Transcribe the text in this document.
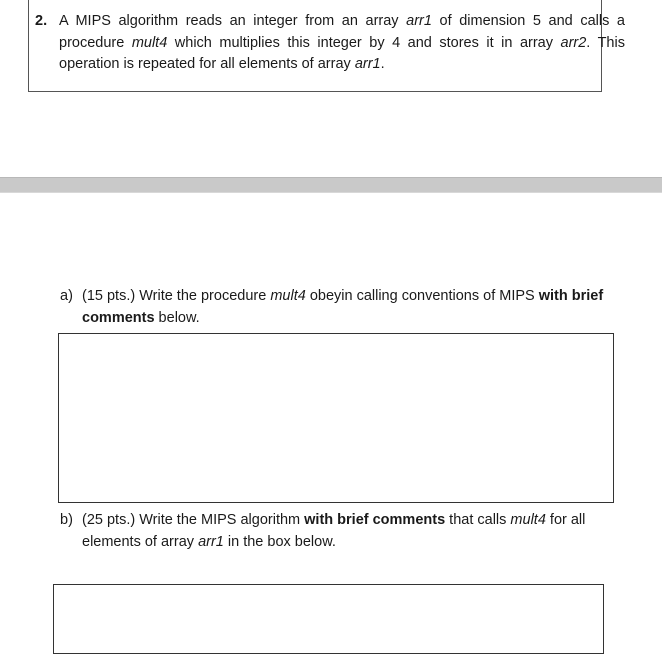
2. A MIPS algorithm reads an integer from an array arr1 of dimension 5 and calls a procedure mult4 which multiplies this integer by 4 and stores it in array arr2. This operation is repeated for all elements of array arr1.
a) (15 pts.) Write the procedure mult4 obeyin calling conventions of MIPS with brief comments below.
b) (25 pts.) Write the MIPS algorithm with brief comments that calls mult4 for all elements of array arr1 in the box below.
